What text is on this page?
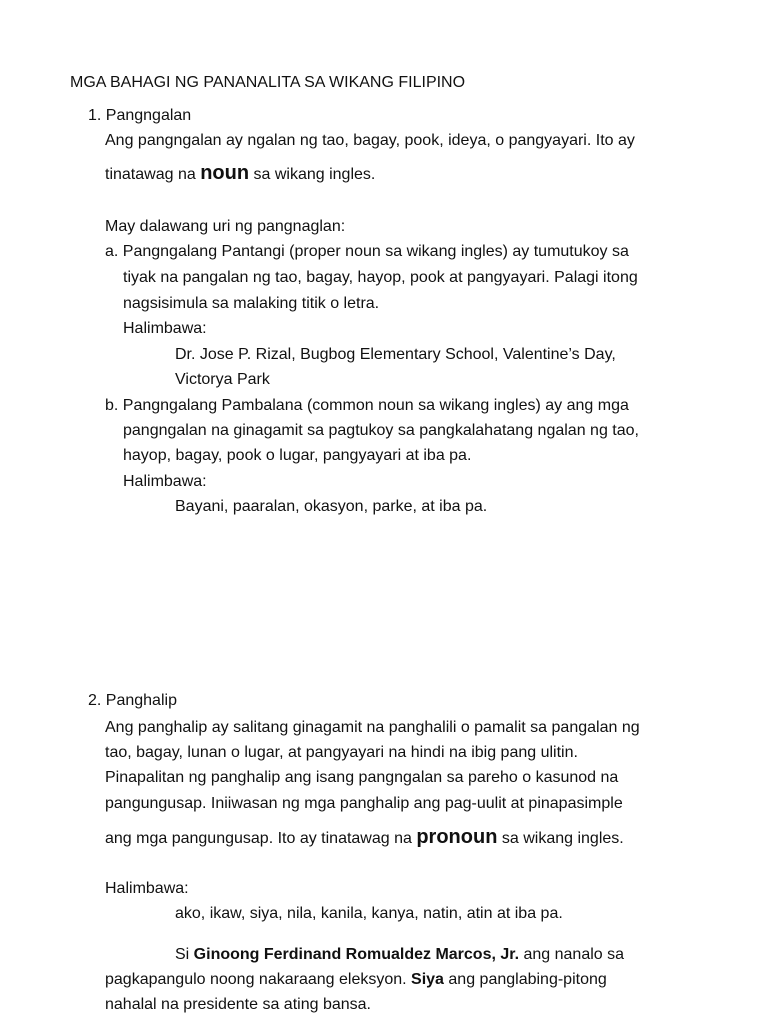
MGA BAHAGI NG PANANALITA SA WIKANG FILIPINO
1. Pangngalan
Ang pangngalan ay ngalan ng tao, bagay, pook, ideya, o pangyayari. Ito ay
tinatawag na noun sa wikang ingles.
May dalawang uri ng pangnaglan:
a. Pangngalang Pantangi (proper noun sa wikang ingles) ay tumutukoy sa
tiyak na pangalan ng tao, bagay, hayop, pook at pangyayari. Palagi itong
nagsisimula sa malaking titik o letra.
Halimbawa:
Dr. Jose P. Rizal, Bugbog Elementary School, Valentine’s Day,
Victorya Park
b. Pangngalang Pambalana (common noun sa wikang ingles) ay ang mga
pangngalan na ginagamit sa pagtukoy sa pangkalahatang ngalan ng tao,
hayop, bagay, pook o lugar, pangyayari at iba pa.
Halimbawa:
Bayani, paaralan, okasyon, parke, at iba pa.
2. Panghalip
Ang panghalip ay salitang ginagamit na panghalili o pamalit sa pangalan ng
tao, bagay, lunan o lugar, at pangyayari na hindi na ibig pang ulitin.
Pinapalitan ng panghalip ang isang pangngalan sa pareho o kasunod na
pangungusap. Iniiwasan ng mga panghalip ang pag-uulit at pinapasimple
ang mga pangungusap. Ito ay tinatawag na pronoun sa wikang ingles.
Halimbawa:
ako, ikaw, siya, nila, kanila, kanya, natin, atin at iba pa.
Si Ginoong Ferdinand Romualdez Marcos, Jr. ang nanalo sa
pagkapangulo noong nakaraang eleksyon. Siya ang panglabing-pitong
nahalal na presidente sa ating bansa.
